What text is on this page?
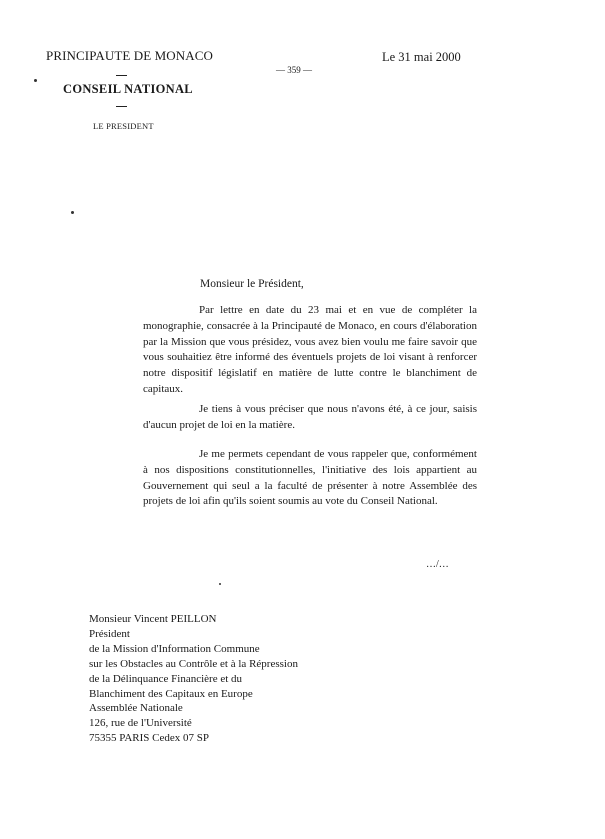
PRINCIPAUTE DE MONACO	Le 31 mai 2000
— 359 —
CONSEIL NATIONAL
LE PRESIDENT
Monsieur le Président,

Par lettre en date du 23 mai et en vue de compléter la monographie, consacrée à la Principauté de Monaco, en cours d'élaboration par la Mission que vous présidez, vous avez bien voulu me faire savoir que vous souhaitiez être informé des éventuels projets de loi visant à renforcer notre dispositif législatif en matière de lutte contre le blanchiment de capitaux.

Je tiens à vous préciser que nous n'avons été, à ce jour, saisis d'aucun projet de loi en la matière.

Je me permets cependant de vous rappeler que, conformément à nos dispositions constitutionnelles, l'initiative des lois appartient au Gouvernement qui seul a la faculté de présenter à notre Assemblée des projets de loi afin qu'ils soient soumis au vote du Conseil National.

…/…
Monsieur Vincent PEILLON
Président
de la Mission d'Information Commune
sur les Obstacles au Contrôle et à la Répression
de la Délinquance Financière et du
Blanchiment des Capitaux en Europe
Assemblée Nationale
126, rue de l'Université
75355 PARIS Cedex 07 SP
